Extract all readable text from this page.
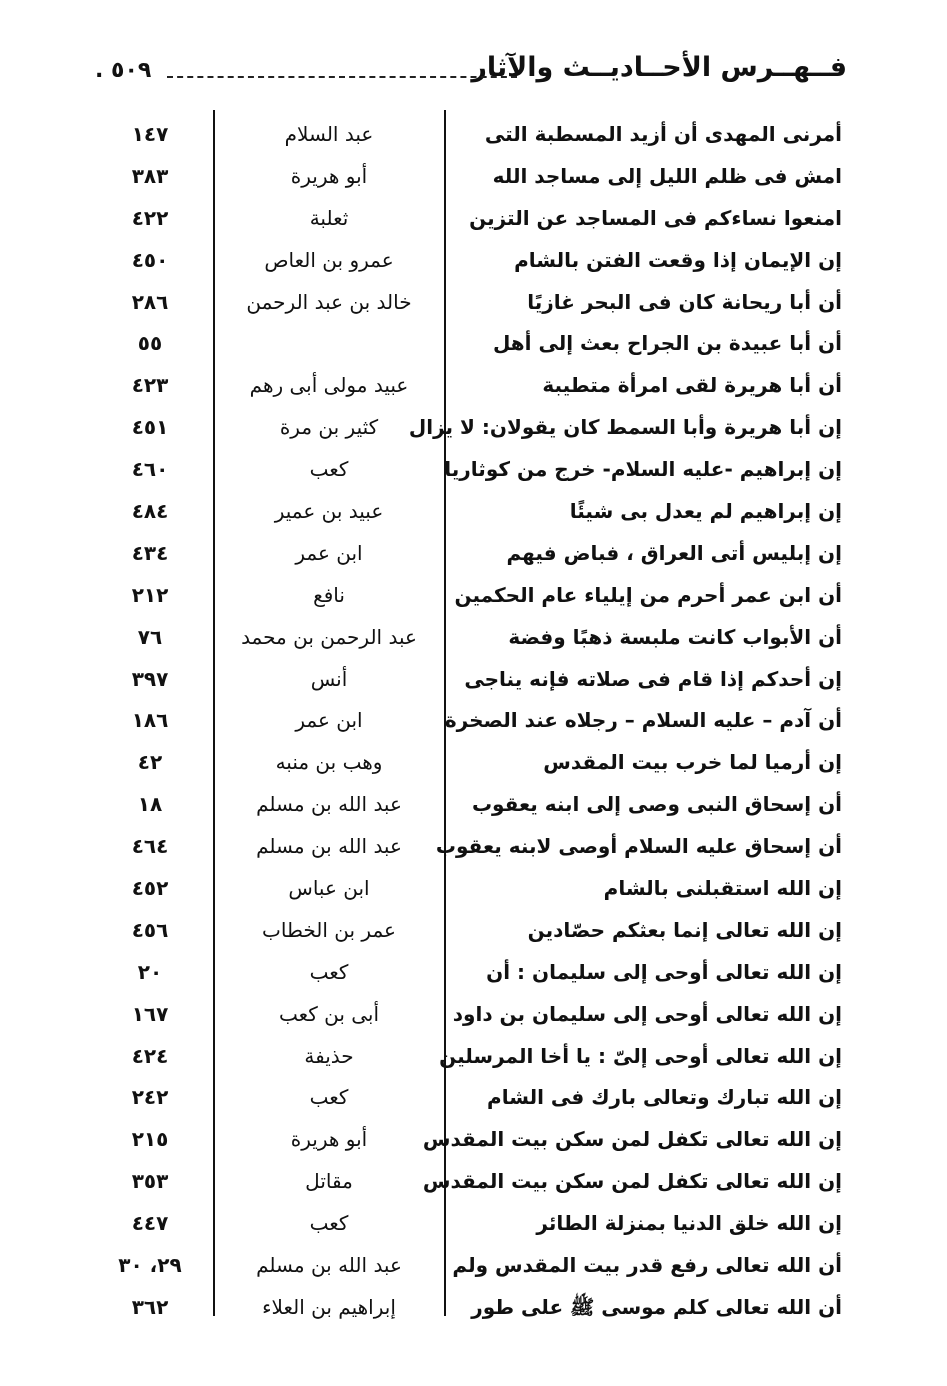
فــهــرس الأحــاديــث والآثار
٥٠٩ .
أمرنى المهدى أن أزيد المسطبة التى
عبد السلام
١٤٧
امش فى ظلم الليل إلى مساجد الله
أبو هريرة
٣٨٣
امنعوا نساءكم فى المساجد عن التزين
ثعلبة
٤٢٢
إن الإيمان إذا وقعت الفتن بالشام
عمرو بن العاص
٤٥٠
أن أبا ريحانة كان فى البحر غازيًا
خالد بن عبد الرحمن
٢٨٦
أن أبا عبيدة بن الجراح بعث إلى أهل
٥٥
أن أبا هريرة لقى امرأة متطيبة
عبيد مولى أبى رهم
٤٢٣
إن أبا هريرة وأبا السمط كان يقولان: لا يزال
كثير بن مرة
٤٥١
إن إبراهيم -عليه السلام- خرج من كوثاريا
كعب
٤٦٠
إن إبراهيم لم يعدل بى شيئًا
عبيد بن عمير
٤٨٤
إن إبليس أتى العراق ، فباض فيهم
ابن عمر
٤٣٤
أن ابن عمر أحرم من إيلياء عام الحكمين
نافع
٢١٢
أن الأبواب كانت ملبسة ذهبًا وفضة
عبد الرحمن بن محمد
٧٦
إن أحدكم إذا قام فى صلاته فإنه يناجى
أنس
٣٩٧
أن آدم – عليه السلام – رجلاه عند الصخرة
ابن عمر
١٨٦
إن أرميا لما خرب بيت المقدس
وهب بن منبه
٤٢
أن إسحاق النبى وصى إلى ابنه يعقوب
عبد الله بن مسلم
١٨
أن إسحاق عليه السلام أوصى لابنه يعقوب
عبد الله بن مسلم
٤٦٤
إن الله استقبلنى بالشام
ابن عباس
٤٥٢
إن الله تعالى إنما بعثكم حصّادين
عمر بن الخطاب
٤٥٦
إن الله تعالى أوحى إلى سليمان : أن
كعب
٢٠
إن الله تعالى أوحى إلى سليمان بن داود
أبى بن كعب
١٦٧
إن الله تعالى أوحى إلىّ : يا أخا المرسلين
حذيفة
٤٢٤
إن الله تبارك وتعالى بارك فى الشام
كعب
٢٤٢
إن الله تعالى تكفل لمن سكن بيت المقدس
أبو هريرة
٢١٥
إن الله تعالى تكفل لمن سكن بيت المقدس
مقاتل
٣٥٣
إن الله خلق الدنيا بمنزلة الطائر
كعب
٤٤٧
أن الله تعالى رفع قدر بيت المقدس ولم
عبد الله بن مسلم
٢٩، ٣٠
أن الله تعالى كلم موسى ﷺ على طور
إبراهيم بن العلاء
٣٦٢
